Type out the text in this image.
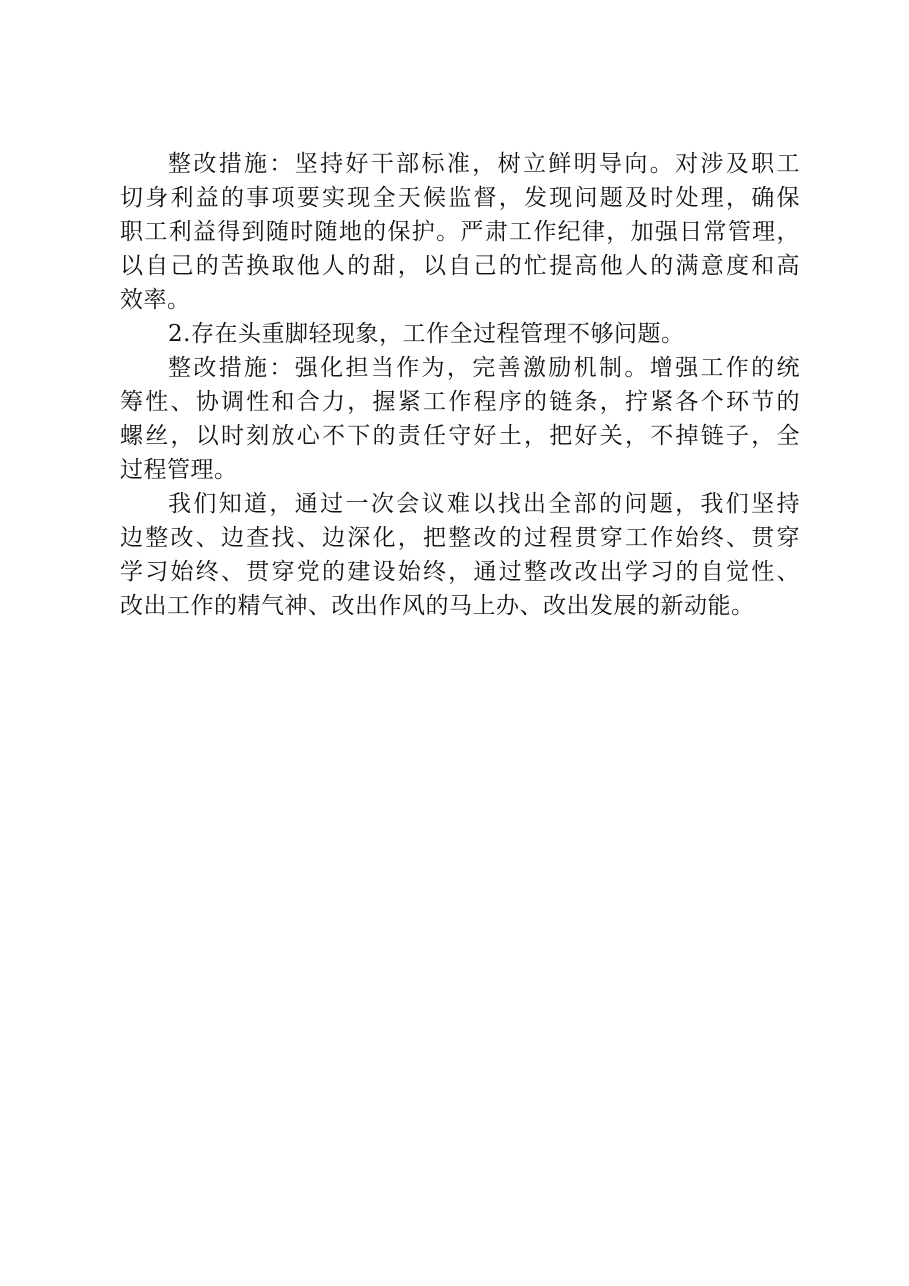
整改措施：坚持好干部标准，树立鲜明导向。对涉及职工
切身利益的事项要实现全天候监督，发现问题及时处理，确保
职工利益得到随时随地的保护。严肃工作纪律，加强日常管理，
以自己的苦换取他人的甜，以自己的忙提高他人的满意度和高
效率。
2.存在头重脚轻现象，工作全过程管理不够问题。
整改措施：强化担当作为，完善激励机制。增强工作的统
筹性、协调性和合力，握紧工作程序的链条，拧紧各个环节的
螺丝，以时刻放心不下的责任守好土，把好关，不掉链子，全
过程管理。
我们知道，通过一次会议难以找出全部的问题，我们坚持
边整改、边查找、边深化，把整改的过程贯穿工作始终、贯穿
学习始终、贯穿党的建设始终，通过整改改出学习的自觉性、
改出工作的精气神、改出作风的马上办、改出发展的新动能。
